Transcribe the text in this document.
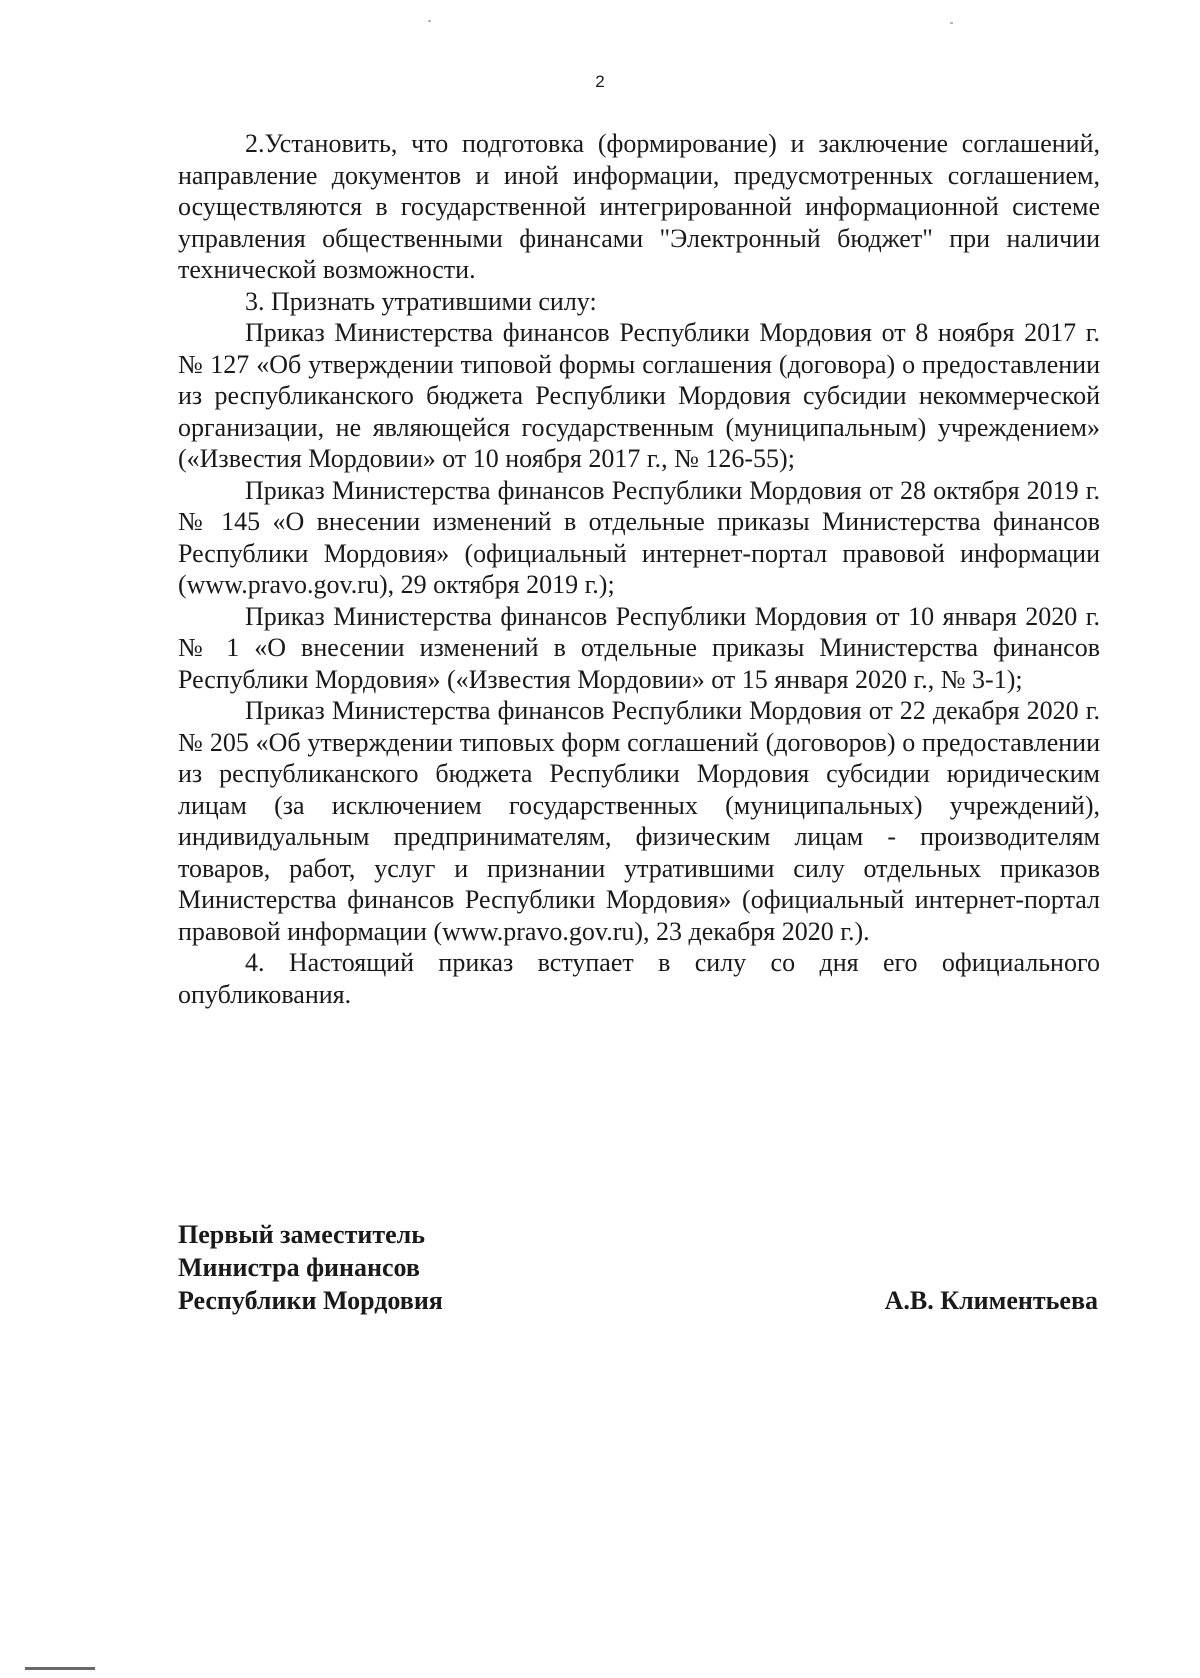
2

2.Установить, что подготовка (формирование) и заключение соглашений, направление документов и иной информации, предусмотренных соглашением, осуществляются в государственной интегрированной информационной системе управления общественными финансами "Электронный бюджет" при наличии технической возможности.

3. Признать утратившими силу:

Приказ Министерства финансов Республики Мордовия от 8 ноября 2017 г. № 127 «Об утверждении типовой формы соглашения (договора) о предоставлении из республиканского бюджета Республики Мордовия субсидии некоммерческой организации, не являющейся государственным (муниципальным) учреждением» («Известия Мордовии» от 10 ноября 2017 г., № 126-55);

Приказ Министерства финансов Республики Мордовия от 28 октября 2019 г. № 145 «О внесении изменений в отдельные приказы Министерства финансов Республики Мордовия» (официальный интернет-портал правовой информации (www.pravo.gov.ru), 29 октября 2019 г.);

Приказ Министерства финансов Республики Мордовия от 10 января 2020 г. № 1 «О внесении изменений в отдельные приказы Министерства финансов Республики Мордовия» («Известия Мордовии» от 15 января 2020 г., № 3-1);

Приказ Министерства финансов Республики Мордовия от 22 декабря 2020 г. № 205 «Об утверждении типовых форм соглашений (договоров) о предоставлении из республиканского бюджета Республики Мордовия субсидии юридическим лицам (за исключением государственных (муниципальных) учреждений), индивидуальным предпринимателям, физическим лицам - производителям товаров, работ, услуг и признании утратившими силу отдельных приказов Министерства финансов Республики Мордовия» (официальный интернет-портал правовой информации (www.pravo.gov.ru), 23 декабря 2020 г.).

4. Настоящий приказ вступает в силу со дня его официального опубликования.

Первый заместитель
Министра финансов
Республики Мордовия	А.В. Климентьева
